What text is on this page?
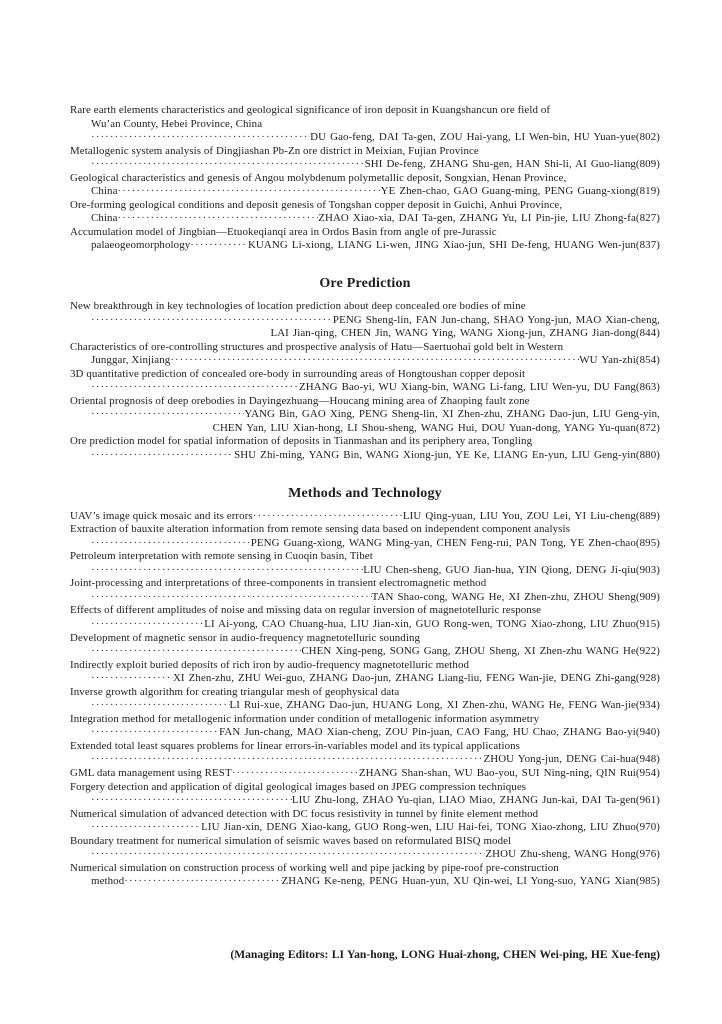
Rare earth elements characteristics and geological significance of iron deposit in Kuangshancun ore field of
Wu’an County, Hebei Province, China
·····
DU Gao-feng, DAI Ta-gen, ZOU Hai-yang, LI Wen-bin, HU Yuan-yue(802)
Metallogenic system analysis of Dingjiashan Pb-Zn ore district in Meixian, Fujian Province
·····
SHI De-feng, ZHANG Shu-gen, HAN Shi-li, AI Guo-liang(809)
Geological characteristics and genesis of Angou molybdenum polymetallic deposit, Songxian, Henan Province,
China ·····	YE Zhen-chao, GAO Guang-ming, PENG Guang-xiong(819)
Ore-forming geological conditions and deposit genesis of Tongshan copper deposit in Guichi, Anhui Province,
China ·····	ZHAO Xiao-xia, DAI Ta-gen, ZHANG Yu, LI Pin-jie, LIU Zhong-fa(827)
Accumulation model of Jingbian—Etuokeqianqi area in Ordos Basin from angle of pre-Jurassic
palaeogeomorphology ·····	KUANG Li-xiong, LIANG Li-wen, JING Xiao-jun, SHI De-feng, HUANG Wen-jun(837)
Ore Prediction
New breakthrough in key technologies of location prediction about deep concealed ore bodies of mine
·····
PENG Sheng-lin, FAN Jun-chang, SHAO Yong-jun, MAO Xian-cheng,
LAI Jian-qing, CHEN Jin, WANG Ying, WANG Xiong-jun, ZHANG Jian-dong(844)
Characteristics of ore-controlling structures and prospective analysis of Hatu—Saertuohai gold belt in Western
Junggar, Xinjiang ·····	WU Yan-zhi(854)
3D quantitative prediction of concealed ore-body in surrounding areas of Hongtoushan copper deposit
·····
ZHANG Bao-yi, WU Xiang-bin, WANG Li-fang, LIU Wen-yu, DU Fang(863)
Oriental prognosis of deep orebodies in Dayingezhuang—Houcang mining area of Zhaoping fault zone
·····
YANG Bin, GAO Xing, PENG Sheng-lin, XI Zhen-zhu, ZHANG Dao-jun, LIU Geng-yin,
CHEN Yan, LIU Xian-hong, LI Shou-sheng, WANG Hui, DOU Yuan-dong, YANG Yu-quan(872)
Ore prediction model for spatial information of deposits in Tianmashan and its periphery area, Tongling
·····
SHU Zhi-ming, YANG Bin, WANG Xiong-jun, YE Ke, LIANG En-yun, LIU Geng-yin(880)
Methods and Technology
UAV’s image quick mosaic and its errors ·····	LIU Qing-yuan, LIU You, ZOU Lei, YI Liu-cheng(889)
Extraction of bauxite alteration information from remote sensing data based on independent component analysis
·····
PENG Guang-xiong, WANG Ming-yan, CHEN Feng-rui, PAN Tong, YE Zhen-chao(895)
Petroleum interpretation with remote sensing in Cuoqin basin, Tibet
·····
LIU Chen-sheng, GUO Jian-hua, YIN Qiong, DENG Ji-qiu(903)
Joint-processing and interpretations of three-components in transient electromagnetic method
·····
TAN Shao-cong, WANG He, XI Zhen-zhu, ZHOU Sheng(909)
Effects of different amplitudes of noise and missing data on regular inversion of magnetotelluric response
·····
LI Ai-yong, CAO Chuang-hua, LIU Jian-xin, GUO Rong-wen, TONG Xiao-zhong, LIU Zhuo(915)
Development of magnetic sensor in audio-frequency magnetotelluric sounding
·····
CHEN Xing-peng, SONG Gang, ZHOU Sheng, XI Zhen-zhu WANG He(922)
Indirectly exploit buried deposits of rich iron by audio-frequency magnetotelluric method
·····
XI Zhen-zhu, ZHU Wei-guo, ZHANG Dao-jun, ZHANG Liang-liu, FENG Wan-jie, DENG Zhi-gang(928)
Inverse growth algorithm for creating triangular mesh of geophysical data
·····
LI Rui-xue, ZHANG Dao-jun, HUANG Long, XI Zhen-zhu, WANG He, FENG Wan-jie(934)
Integration method for metallogenic information under condition of metallogenic information asymmetry
·····
FAN Jun-chang, MAO Xian-cheng, ZOU Pin-juan, CAO Fang, HU Chao, ZHANG Bao-yi(940)
Extended total least squares problems for linear errors-in-variables model and its typical applications
·····
ZHOU Yong-jun, DENG Cai-hua(948)
GML data management using REST ·····	ZHANG Shan-shan, WU Bao-you, SUI Ning-ning, QIN Rui(954)
Forgery detection and application of digital geological images based on JPEG compression techniques
·····
LIU Zhu-long, ZHAO Yu-qian, LIAO Miao, ZHANG Jun-kai, DAI Ta-gen(961)
Numerical simulation of advanced detection with DC focus resistivity in tunnel by finite element method
·····
LIU Jian-xin, DENG Xiao-kang, GUO Rong-wen, LIU Hai-fei, TONG Xiao-zhong, LIU Zhuo(970)
Boundary treatment for numerical simulation of seismic waves based on reformulated BISQ model
·····
ZHOU Zhu-sheng, WANG Hong(976)
Numerical simulation on construction process of working well and pipe jacking by pipe-roof pre-construction
method ·····	ZHANG Ke-neng, PENG Huan-yun, XU Qin-wei, LI Yong-suo, YANG Xian(985)
(Managing Editors: LI Yan-hong, LONG Huai-zhong, CHEN Wei-ping, HE Xue-feng)
